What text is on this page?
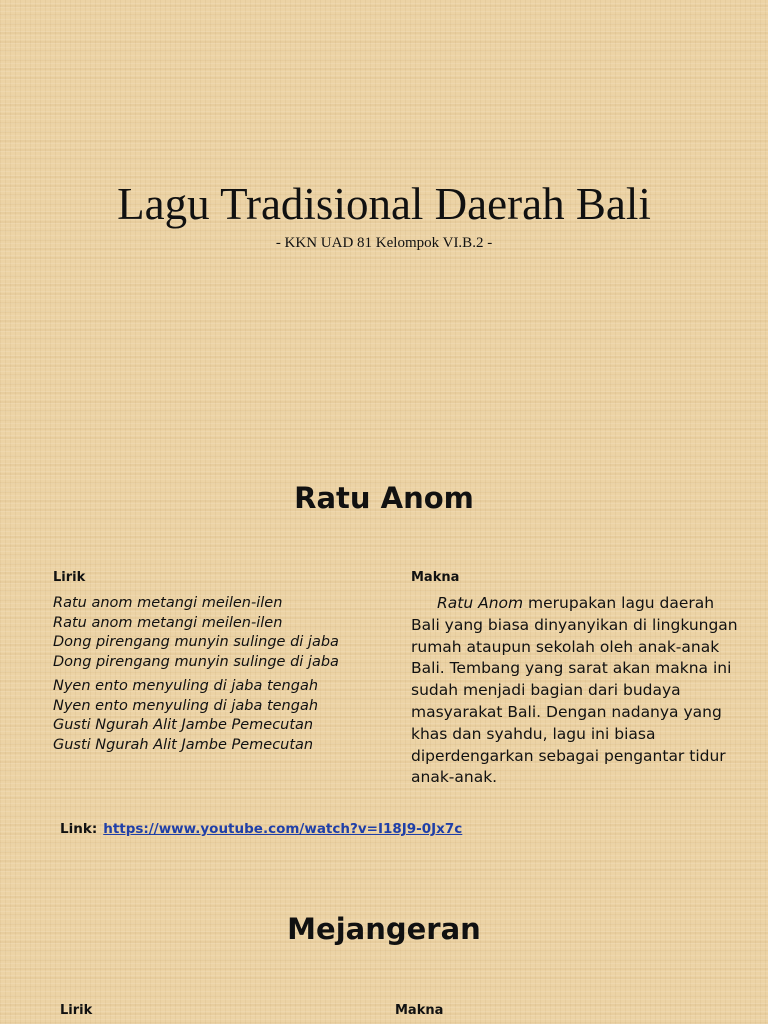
Lagu Tradisional Daerah Bali
- KKN UAD 81 Kelompok VI.B.2 -
Ratu Anom
Lirik	Makna
Ratu anom metangi meilen-ilen
Ratu anom metangi meilen-ilen
Dong pirengang munyin sulinge di jaba
Dong pirengang munyin sulinge di jaba
Nyen ento menyuling di jaba tengah
Nyen ento menyuling di jaba tengah
Gusti Ngurah Alit Jambe Pemecutan
Gusti Ngurah Alit Jambe Pemecutan
Ratu Anom merupakan lagu daerah Bali yang biasa dinyanyikan di lingkungan rumah ataupun sekolah oleh anak-anak Bali. Tembang yang sarat akan makna ini sudah menjadi bagian dari budaya masyarakat Bali. Dengan nadanya yang khas dan syahdu, lagu ini biasa diperdengarkan sebagai pengantar tidur anak-anak.
Link: https://www.youtube.com/watch?v=I18J9-0Jx7c
Mejangeran
Lirik	Makna
